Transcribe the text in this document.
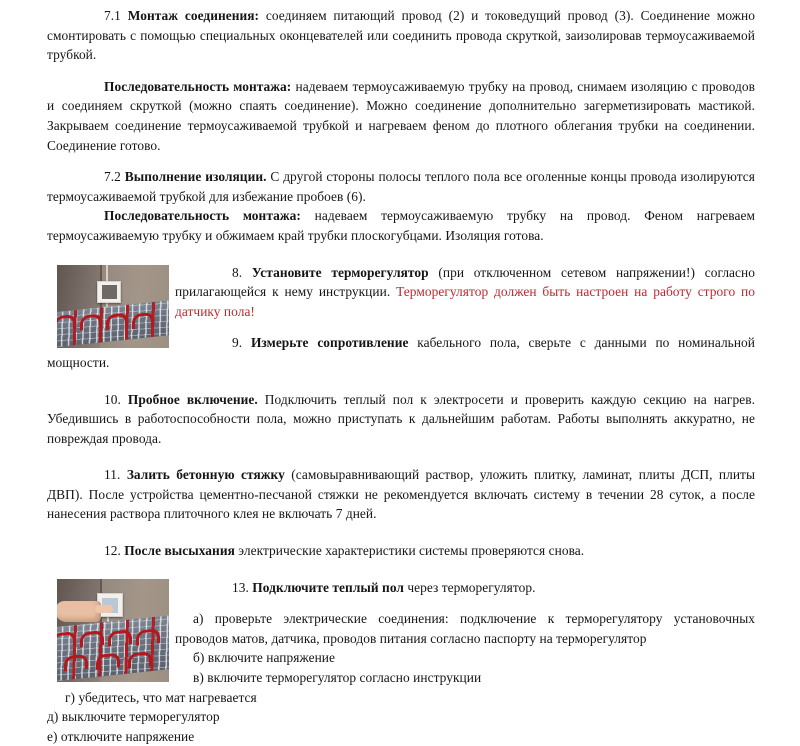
7.1 Монтаж соединения: соединяем питающий провод (2) и токоведущий провод (3). Соединение можно смонтировать с помощью специальных оконцевателей или соединить провода скруткой, заизолировав термоусаживаемой трубкой.

Последовательность монтажа: надеваем термоусаживаемую трубку на провод, снимаем изоляцию с проводов и соединяем скруткой (можно спаять соединение). Можно соединение дополнительно загерметизировать мастикой. Закрываем соединение термоусаживаемой трубкой и нагреваем феном до плотного облегания трубки на соединении. Соединение готово.

7.2 Выполнение изоляции. С другой стороны полосы теплого пола все оголенные концы провода изолируются термоусаживаемой трубкой для избежание пробоев (6).

Последовательность монтажа: надеваем термоусаживаемую трубку на провод. Феном нагреваем термоусаживаемую трубку и обжимаем край трубки плоскогубцами. Изоляция готова.

8. Установите терморегулятор (при отключенном сетевом напряжении!) согласно прилагающейся к нему инструкции. Терморегулятор должен быть настроен на работу строго по датчику пола!

9. Измерьте сопротивление кабельного пола, сверьте с данными по номинальной мощности.

10. Пробное включение. Подключить теплый пол к электросети и проверить каждую секцию на нагрев. Убедившись в работоспособности пола, можно приступать к дальнейшим работам. Работы выполнять аккуратно, не повреждая провода.

11. Залить бетонную стяжку (самовыравнивающий раствор, уложить плитку, ламинат, плиты ДСП, плиты ДВП). После устройства цементно-песчаной стяжки не рекомендуется включать систему в течении 28 суток, а после нанесения раствора плиточного клея не включать 7 дней.

12. После высыхания электрические характеристики системы проверяются снова.

13. Подключите теплый пол через терморегулятор.

а) проверьте электрические соединения: подключение к терморегулятору установочных проводов матов, датчика, проводов питания согласно паспорту на терморегулятор

б) включите напряжение

в) включите терморегулятор согласно инструкции

г) убедитесь, что мат нагревается

д) выключите терморегулятор

е) отключите напряжение
